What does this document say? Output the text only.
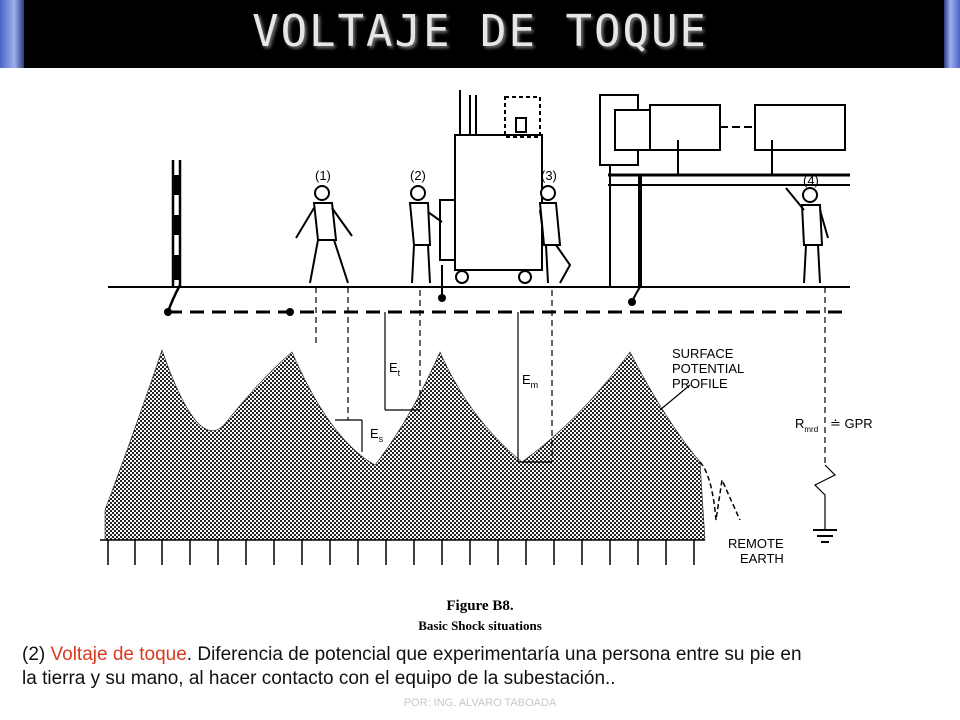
VOLTAJE DE TOQUE
(1)	(2)	(3)	(4)
$E_t$
$E_s$
$E_m$
SURFACE
POTENTIAL
PROFILE
$R_{mrd}$ ≐ GPR
REMOTE
EARTH
Figure B8.
Basic Shock situations
(2) Voltaje de toque. Diferencia de potencial que experimentaría una persona entre su pie en
la tierra y su mano, al hacer contacto con el equipo de la subestación..
POR: ING. ALVARO TABOADA
